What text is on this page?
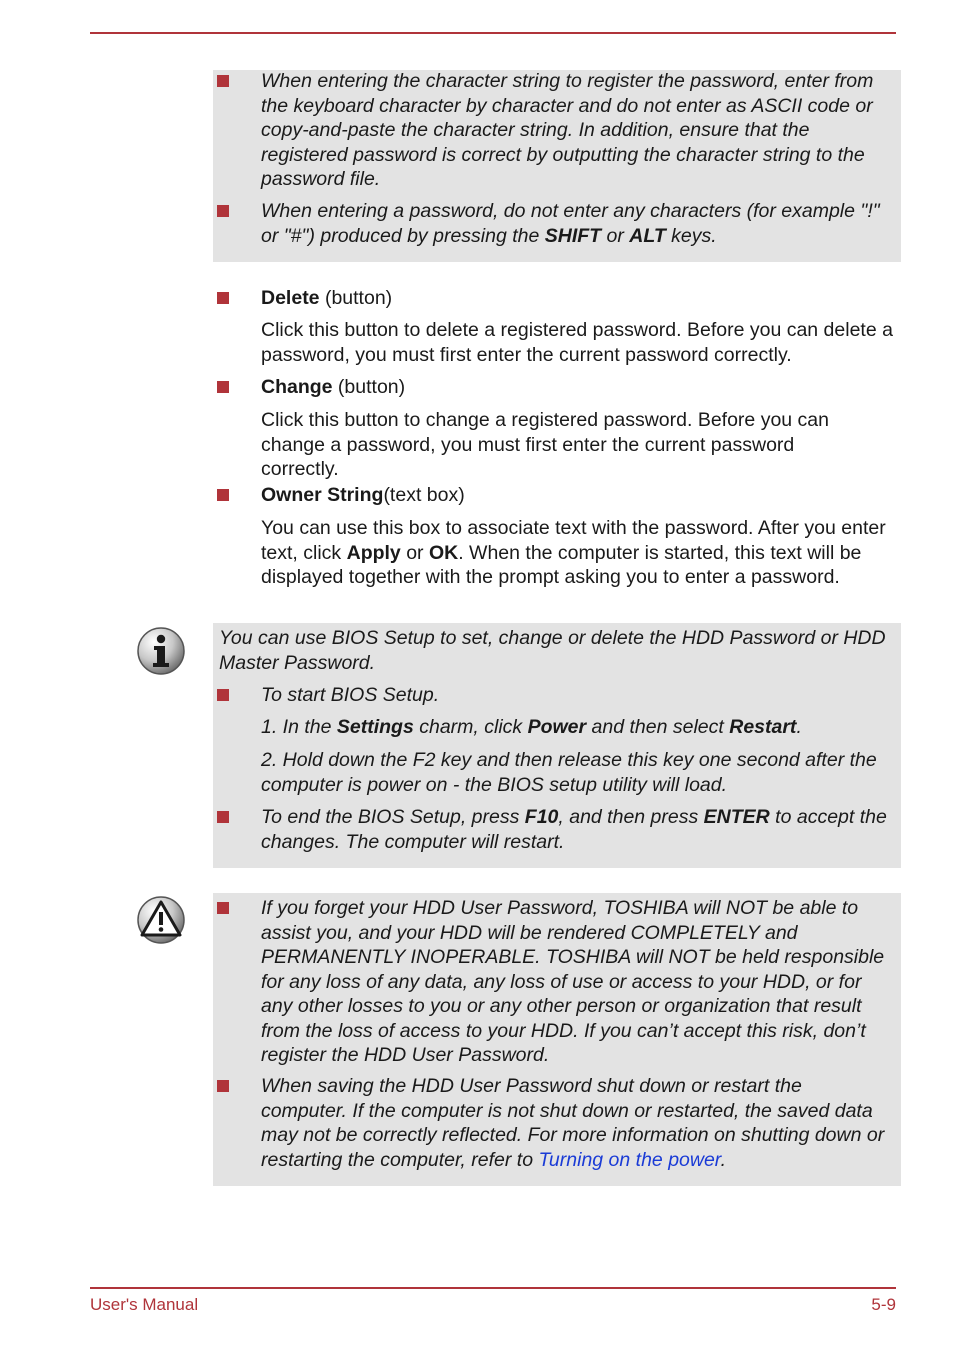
When entering the character string to register the password, enter from the keyboard character by character and do not enter as ASCII code or copy-and-paste the character string. In addition, ensure that the registered password is correct by outputting the character string to the password file.
When entering a password, do not enter any characters (for example "!" or "#") produced by pressing the SHIFT or ALT keys.
Delete (button)
Click this button to delete a registered password. Before you can delete a password, you must first enter the current password correctly.
Change (button)
Click this button to change a registered password. Before you can change a password, you must first enter the current password correctly.
Owner String(text box)
You can use this box to associate text with the password. After you enter text, click Apply or OK. When the computer is started, this text will be displayed together with the prompt asking you to enter a password.
You can use BIOS Setup to set, change or delete the HDD Password or HDD Master Password.
To start BIOS Setup.
1. In the Settings charm, click Power and then select Restart.
2. Hold down the F2 key and then release this key one second after the computer is power on - the BIOS setup utility will load.
To end the BIOS Setup, press F10, and then press ENTER to accept the changes. The computer will restart.
If you forget your HDD User Password, TOSHIBA will NOT be able to assist you, and your HDD will be rendered COMPLETELY and PERMANENTLY INOPERABLE. TOSHIBA will NOT be held responsible for any loss of any data, any loss of use or access to your HDD, or for any other losses to you or any other person or organization that result from the loss of access to your HDD. If you can’t accept this risk, don’t register the HDD User Password.
When saving the HDD User Password shut down or restart the computer. If the computer is not shut down or restarted, the saved data may not be correctly reflected. For more information on shutting down or restarting the computer, refer to Turning on the power.
User's Manual	5-9
